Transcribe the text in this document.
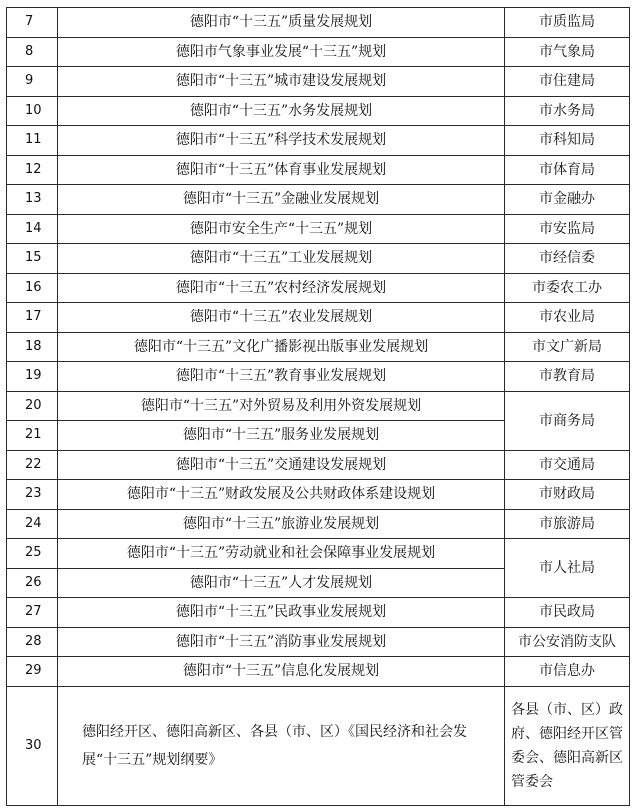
7	德阳市“十三五”质量发展规划	市质监局
8	德阳市气象事业发展“十三五”规划	市气象局
9	德阳市“十三五”城市建设发展规划	市住建局
10	德阳市“十三五”水务发展规划	市水务局
11	德阳市“十三五”科学技术发展规划	市科知局
12	德阳市“十三五”体育事业发展规划	市体育局
13	德阳市“十三五”金融业发展规划	市金融办
14	德阳市安全生产“十三五”规划	市安监局
15	德阳市“十三五”工业发展规划	市经信委
16	德阳市“十三五”农村经济发展规划	市委农工办
17	德阳市“十三五”农业发展规划	市农业局
18	德阳市“十三五”文化广播影视出版事业发展规划	市文广新局
19	德阳市“十三五”教育事业发展规划	市教育局
20	德阳市“十三五”对外贸易及利用外资发展规划	市商务局
21	德阳市“十三五”服务业发展规划	
22	德阳市“十三五”交通建设发展规划	市交通局
23	德阳市“十三五”财政发展及公共财政体系建设规划	市财政局
24	德阳市“十三五”旅游业发展规划	市旅游局
25	德阳市“十三五”劳动就业和社会保障事业发展规划	市人社局
26	德阳市“十三五”人才发展规划	
27	德阳市“十三五”民政事业发展规划	市民政局
28	德阳市“十三五”消防事业发展规划	市公安消防支队
29	德阳市“十三五”信息化发展规划	市信息办
30	德阳经开区、德阳高新区、各县（市、区）《国民经济和社会发展“十三五”规划纲要》	各县（市、区）政府、德阳经开区管委会、德阳高新区管委会
